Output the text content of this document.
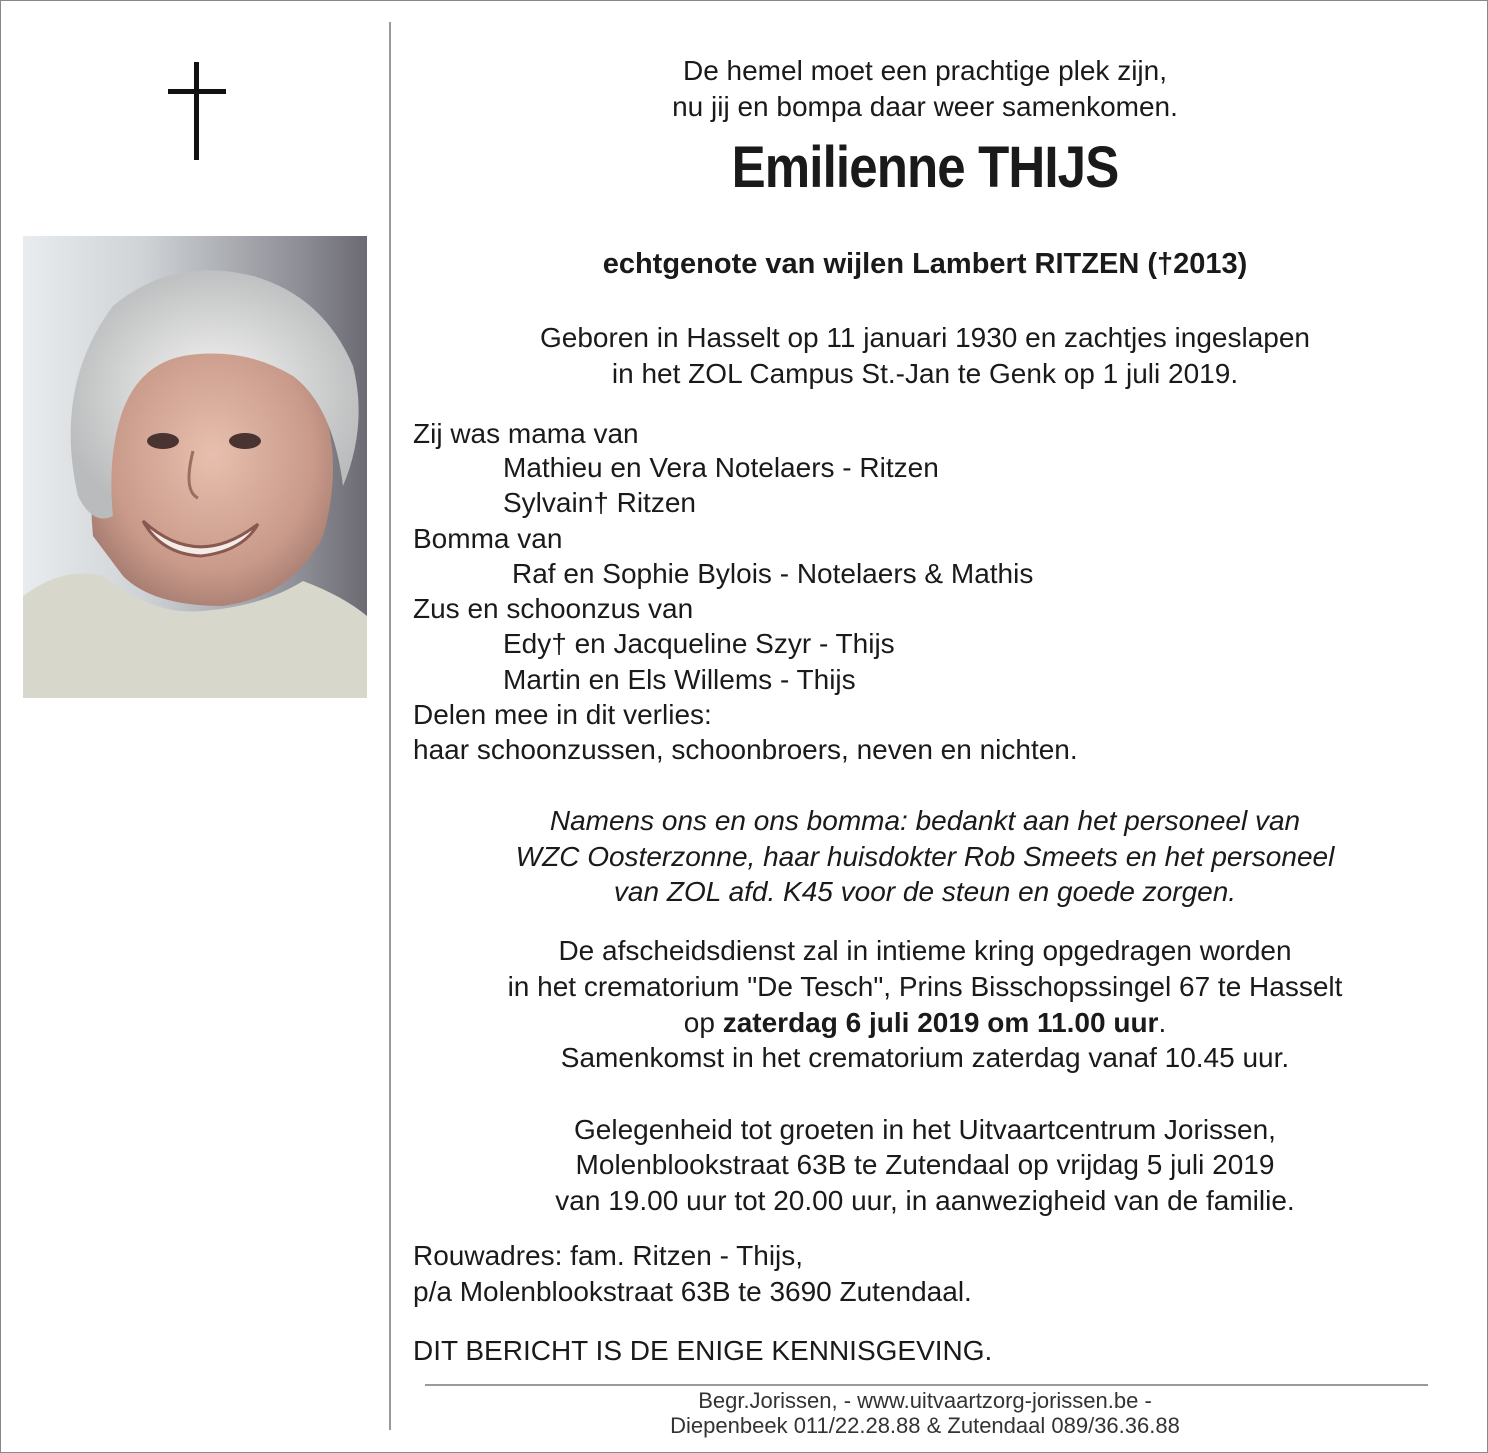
De hemel moet een prachtige plek zijn,
nu jij en bompa daar weer samenkomen.
Emilienne THIJS
echtgenote van wijlen Lambert RITZEN (†2013)
Geboren in Hasselt op 11 januari 1930 en zachtjes ingeslapen
in het ZOL Campus St.-Jan te Genk op 1 juli 2019.
Zij was mama van
Mathieu en Vera Notelaers - Ritzen
Sylvain† Ritzen
Bomma van
Raf en Sophie Bylois - Notelaers & Mathis
Zus en schoonzus van
Edy† en Jacqueline Szyr - Thijs
Martin en Els Willems - Thijs
Delen mee in dit verlies:
haar schoonzussen, schoonbroers, neven en nichten.
Namens ons en ons bomma: bedankt aan het personeel van
WZC Oosterzonne, haar huisdokter Rob Smeets en het personeel
van ZOL afd. K45 voor de steun en goede zorgen.
De afscheidsdienst zal in intieme kring opgedragen worden
in het crematorium "De Tesch", Prins Bisschopssingel 67 te Hasselt
op zaterdag 6 juli 2019 om 11.00 uur.
Samenkomst in het crematorium zaterdag vanaf 10.45 uur.
Gelegenheid tot groeten in het Uitvaartcentrum Jorissen,
Molenblookstraat 63B te Zutendaal op vrijdag 5 juli 2019
van 19.00 uur tot 20.00 uur, in aanwezigheid van de familie.
Rouwadres: fam. Ritzen - Thijs,
p/a Molenblookstraat 63B te 3690 Zutendaal.
DIT BERICHT IS DE ENIGE KENNISGEVING.
Begr.Jorissen, - www.uitvaartzorg-jorissen.be -
Diepenbeek 011/22.28.88 & Zutendaal 089/36.36.88
